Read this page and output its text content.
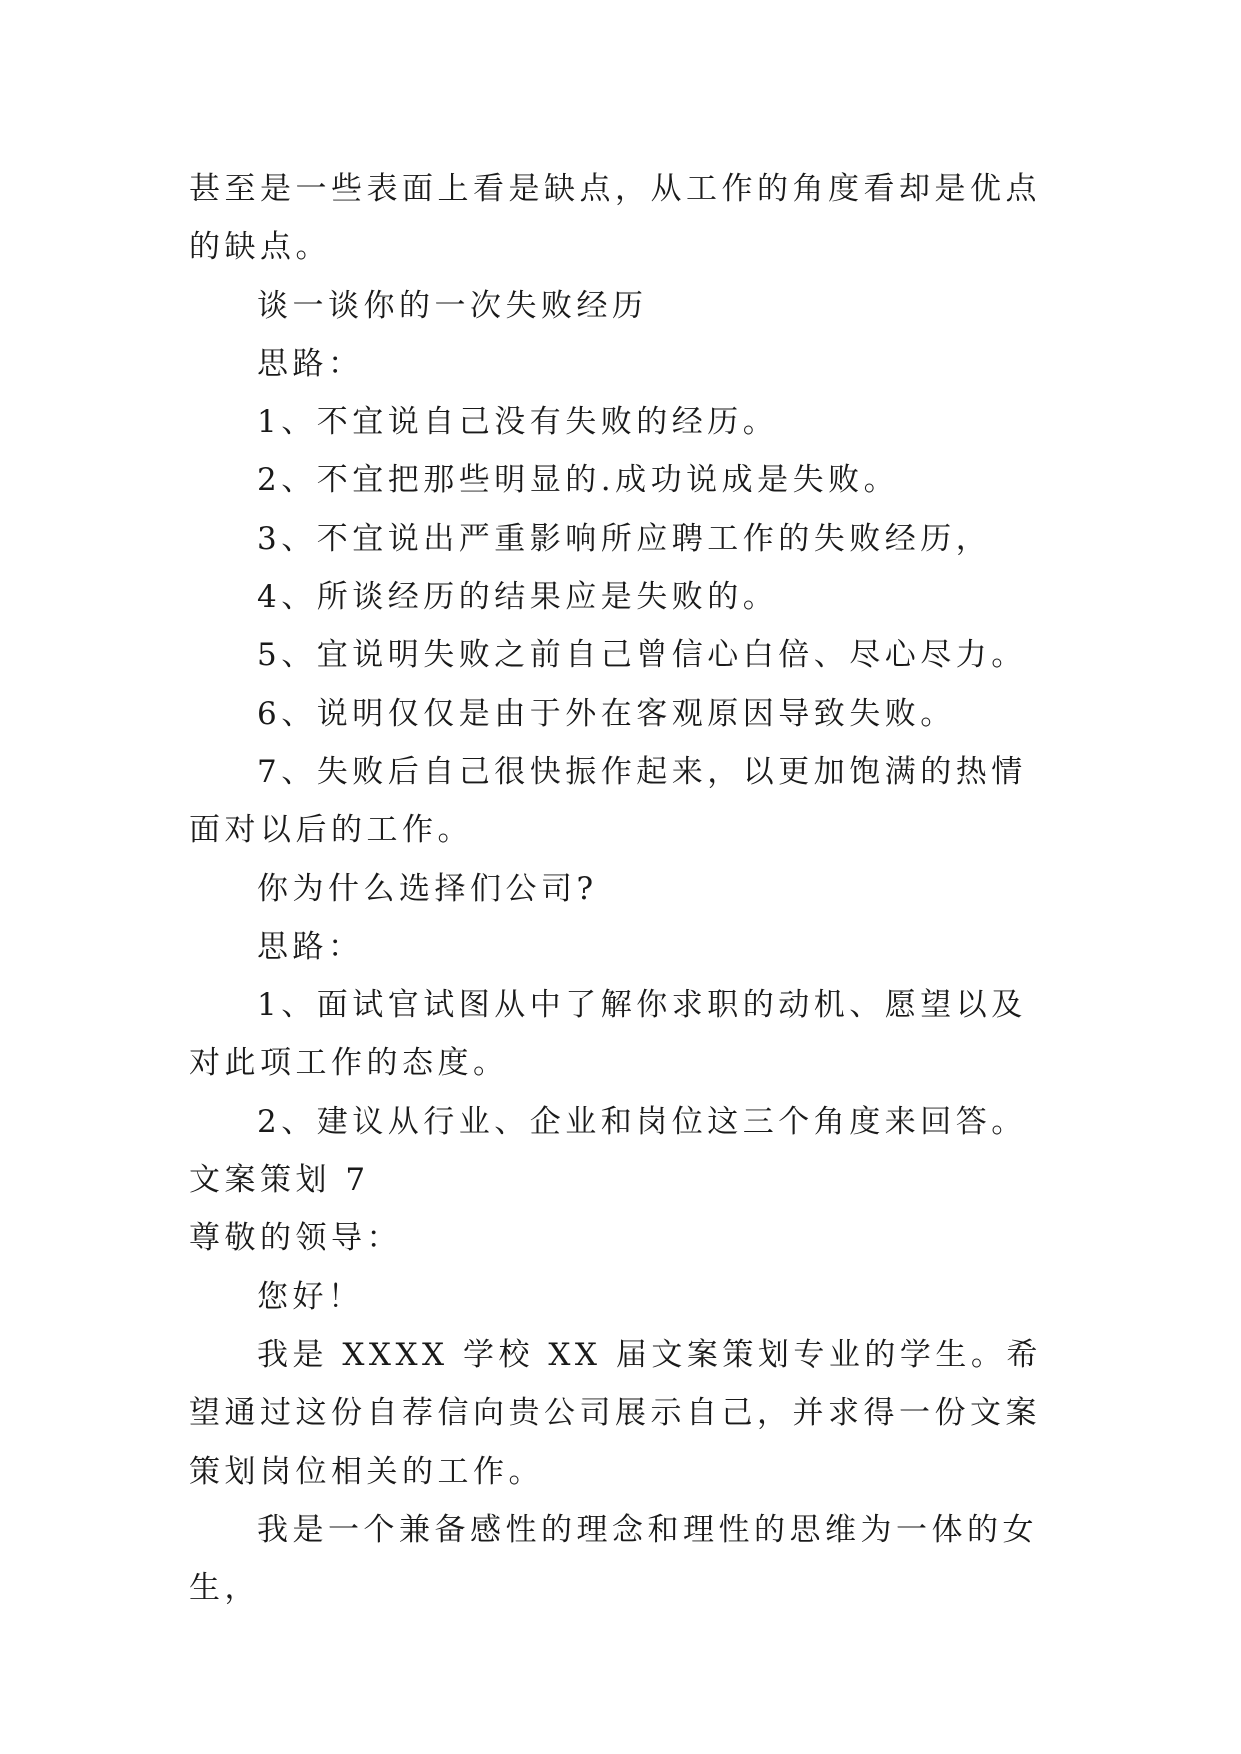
甚至是一些表面上看是缺点，从工作的角度看却是优点的缺点。

谈一谈你的一次失败经历

思路：

1、不宜说自己没有失败的经历。

2、不宜把那些明显的.成功说成是失败。

3、不宜说出严重影响所应聘工作的失败经历，

4、所谈经历的结果应是失败的。

5、宜说明失败之前自己曾信心白倍、尽心尽力。

6、说明仅仅是由于外在客观原因导致失败。

7、失败后自己很快振作起来，以更加饱满的热情面对以后的工作。

你为什么选择们公司?

思路：

1、面试官试图从中了解你求职的动机、愿望以及对此项工作的态度。

2、建议从行业、企业和岗位这三个角度来回答。

文案策划 7

尊敬的领导：

您好！

我是 XXXX 学校 XX 届文案策划专业的学生。希望通过这份自荐信向贵公司展示自己，并求得一份文案策划岗位相关的工作。

我是一个兼备感性的理念和理性的思维为一体的女生，
